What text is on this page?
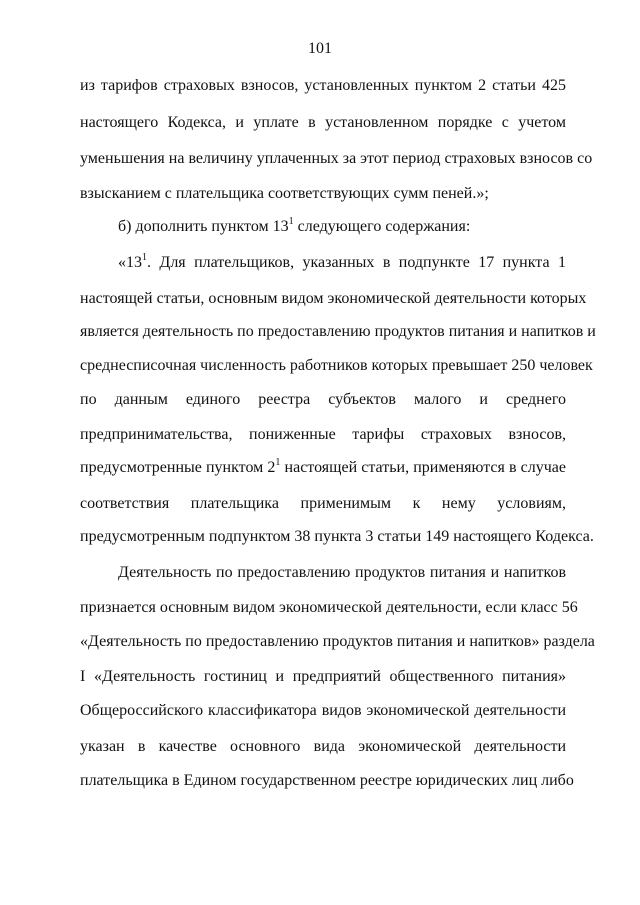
101
из тарифов страховых взносов, установленных пунктом 2 статьи 425
настоящего Кодекса, и уплате в установленном порядке с учетом
уменьшения на величину уплаченных за этот период страховых взносов со
взысканием с плательщика соответствующих сумм пеней.»;
б) дополнить пунктом $13^1$ следующего содержания:
«$13^1$. Для плательщиков, указанных в подпункте 17 пункта 1
настоящей статьи, основным видом экономической деятельности которых
является деятельность по предоставлению продуктов питания и напитков и
среднесписочная численность работников которых превышает 250 человек
по данным единого реестра субъектов малого и среднего
предпринимательства, пониженные тарифы страховых взносов,
предусмотренные пунктом $2^1$ настоящей статьи, применяются в случае
соответствия плательщика применимым к нему условиям,
предусмотренным подпунктом 38 пункта 3 статьи 149 настоящего Кодекса.
Деятельность по предоставлению продуктов питания и напитков
признается основным видом экономической деятельности, если класс 56
«Деятельность по предоставлению продуктов питания и напитков» раздела
I «Деятельность гостиниц и предприятий общественного питания»
Общероссийского классификатора видов экономической деятельности
указан в качестве основного вида экономической деятельности
плательщика в Едином государственном реестре юридических лиц либо
